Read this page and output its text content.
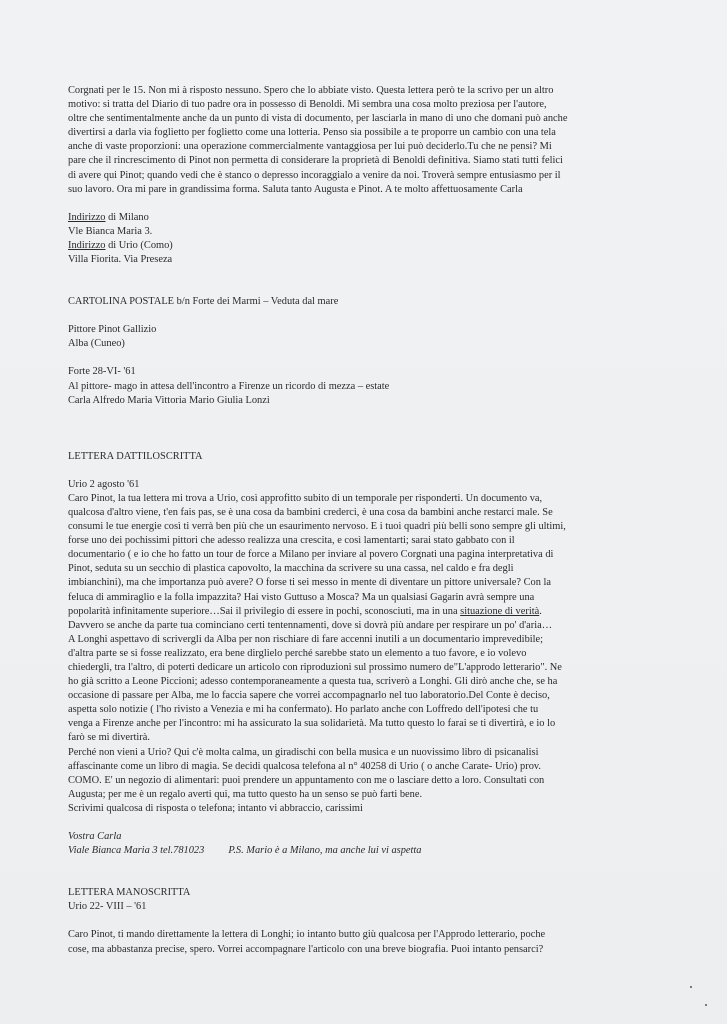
Corgnati per le 15. Non mi à risposto nessuno. Spero che lo abbiate visto. Questa lettera però te la scrivo per un altro
motivo: si tratta del Diario di tuo padre ora in possesso di Benoldi. Mi sembra una cosa molto preziosa per l'autore,
oltre che sentimentalmente anche da un punto di vista di documento, per lasciarla in mano di uno che domani può anche
divertirsi a darla via foglietto per foglietto come una lotteria. Penso sia possibile a te proporre un cambio con una tela
anche di vaste proporzioni: una operazione commercialmente vantaggiosa per lui può deciderlo.Tu che ne pensi? Mi
pare che il rincrescimento di Pinot non permetta di considerare la proprietà di Benoldi definitiva. Siamo stati tutti felici
di avere qui Pinot; quando vedi che è stanco o depresso incoraggialo a venire da noi. Troverà sempre entusiasmo per il
suo lavoro. Ora mi pare in grandissima forma. Saluta tanto Augusta e Pinot. A te molto affettuosamente Carla
Indirizzo di Milano
Vle Bianca Maria 3.
Indirizzo di Urio (Como)
Villa Fiorita. Via Preseza
CARTOLINA POSTALE b/n Forte dei Marmi – Veduta dal mare
Pittore Pinot Gallizio
Alba (Cuneo)
Forte 28-VI- '61
Al pittore- mago in attesa dell'incontro a Firenze un ricordo di mezza – estate
Carla Alfredo Maria Vittoria Mario Giulia Lonzi
LETTERA DATTILOSCRITTA
Urio 2 agosto '61
Caro Pinot, la tua lettera mi trova a Urio, così approfitto subito di un temporale per risponderti. Un documento va,
qualcosa d'altro viene, t'en fais pas, se è una cosa da bambini crederci, è una cosa da bambini anche restarci male. Se
consumi le tue energie così ti verrà ben più che un esaurimento nervoso. E i tuoi quadri più belli sono sempre gli ultimi,
forse uno dei pochissimi pittori che adesso realizza una crescita, e così lamentarti; sarai stato gabbato con il
documentario ( e io che ho fatto un tour de force a Milano per inviare al povero Corgnati una pagina interpretativa di
Pinot, seduta su un secchio di plastica capovolto, la macchina da scrivere su una cassa, nel caldo e fra degli
imbianchini), ma che importanza può avere? O forse ti sei messo in mente di diventare un pittore universale? Con la
feluca di ammiraglio e la folla impazzita? Hai visto Guttuso a Mosca? Ma un qualsiasi Gagarin avrà sempre una
popolarità infinitamente superiore…Sai il privilegio di essere in pochi, sconosciuti, ma in una situazione di verità.
Davvero se anche da parte tua cominciano certi tentennamenti, dove si dovrà più andare per respirare un po' d'aria…
A Longhi aspettavo di scrivergli da Alba per non rischiare di fare accenni inutili a un documentario imprevedibile;
d'altra parte se si fosse realizzato, era bene dirglielo perché sarebbe stato un elemento a tuo favore, e io volevo
chiedergli, tra l'altro, di poterti dedicare un articolo con riproduzioni sul prossimo numero de"L'approdo letterario". Ne
ho già scritto a Leone Piccioni; adesso contemporaneamente a questa tua, scriverò a Longhi. Gli dirò anche che, se ha
occasione di passare per Alba, me lo faccia sapere che vorrei accompagnarlo nel tuo laboratorio.Del Conte è deciso,
aspetta solo notizie ( l'ho rivisto a Venezia e mi ha confermato). Ho parlato anche con Loffredo dell'ipotesi che tu
venga a Firenze anche per l'incontro: mi ha assicurato la sua solidarietà. Ma tutto questo lo farai se ti divertirà, e io lo
farò se mi divertirà.
Perché non vieni a Urio? Qui c'è molta calma, un giradischi con bella musica e un nuovissimo libro di psicanalisi
affascinante come un libro di magia. Se decidi qualcosa telefona al n° 40258 di Urio ( o anche Carate- Urio) prov.
COMO. E' un negozio di alimentari: puoi prendere un appuntamento con me o lasciare detto a loro. Consultati con
Augusta; per me è un regalo averti qui, ma tutto questo ha un senso se può farti bene.
Scrivimi qualcosa di risposta o telefona; intanto vi abbraccio, carissimi
Vostra Carla
Viale Bianca Maria 3 tel.781023 P.S. Mario è a Milano, ma anche lui vi aspetta
LETTERA MANOSCRITTA
Urio 22- VIII – '61
Caro Pinot, ti mando direttamente la lettera di Longhi; io intanto butto giù qualcosa per l'Approdo letterario, poche
cose, ma abbastanza precise, spero. Vorrei accompagnare l'articolo con una breve biografia. Puoi intanto pensarci?
